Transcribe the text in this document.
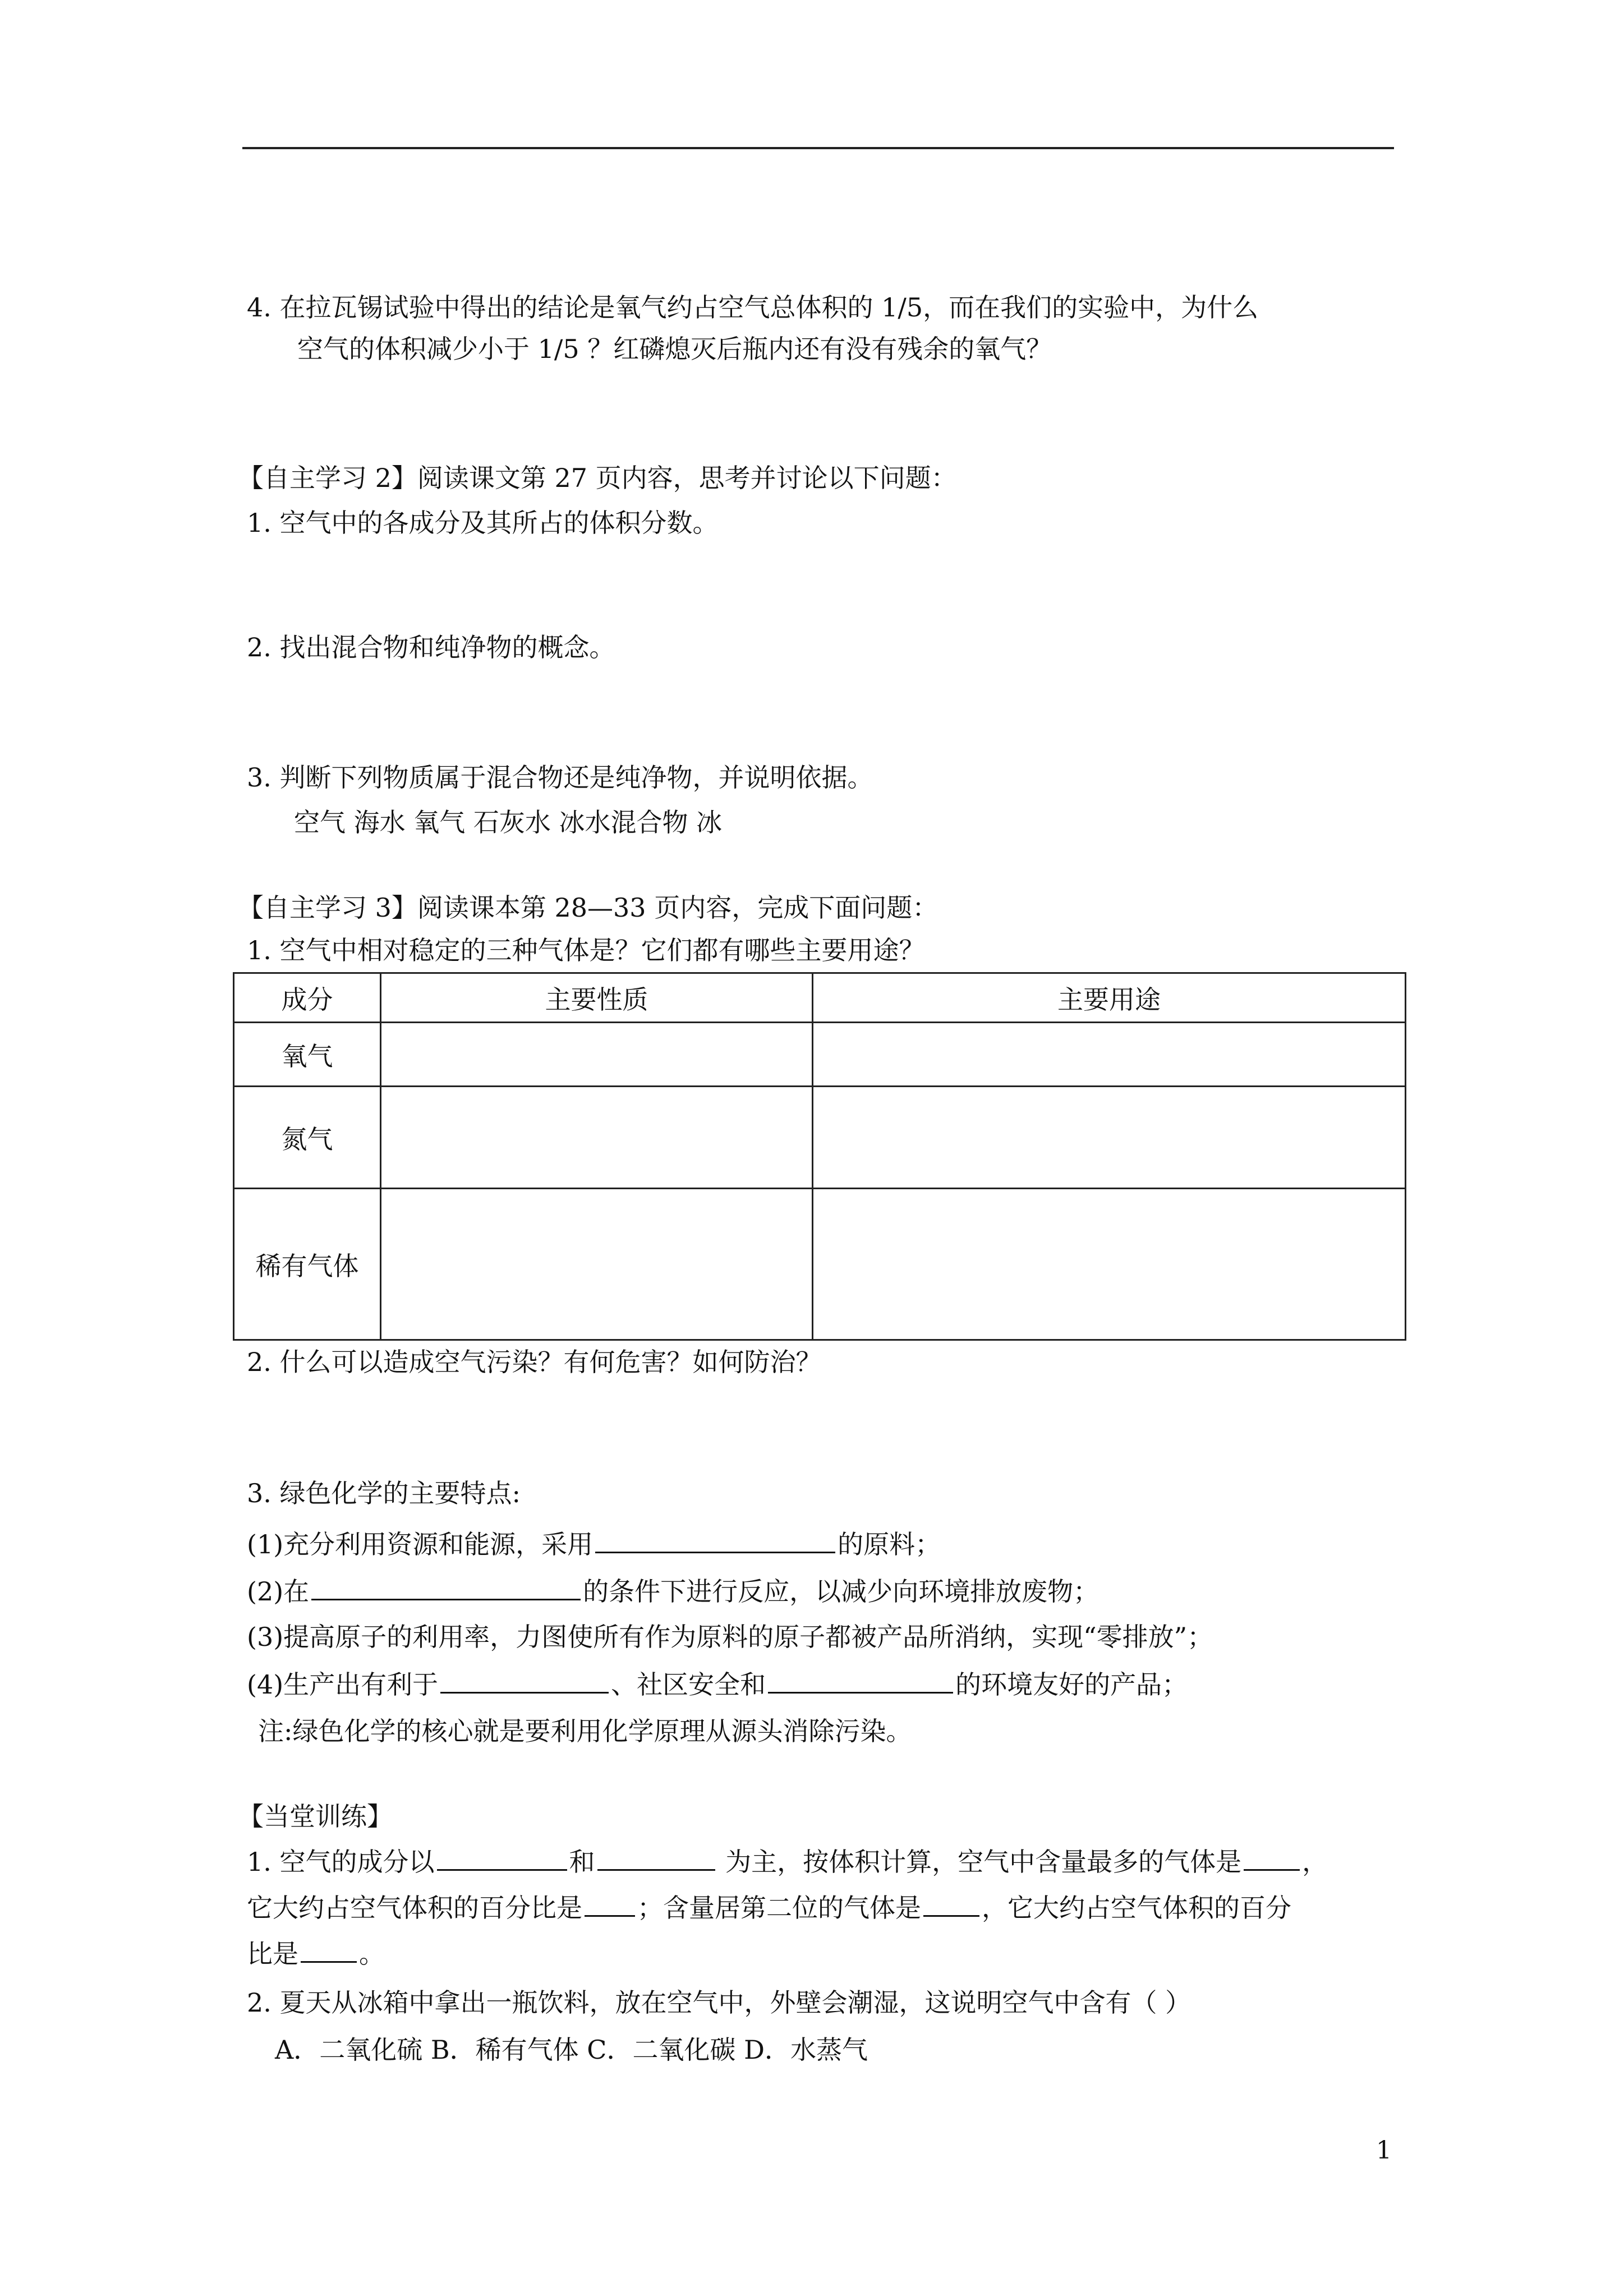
4. 在拉瓦锡试验中得出的结论是氧气约占空气总体积的 1/5，而在我们的实验中，为什么
空气的体积减少小于 1/5 ？红磷熄灭后瓶内还有没有残余的氧气？
【自主学习 2】阅读课文第 27 页内容，思考并讨论以下问题：
1. 空气中的各成分及其所占的体积分数。
2. 找出混合物和纯净物的概念。
3. 判断下列物质属于混合物还是纯净物，并说明依据。
空气 海水 氧气 石灰水 冰水混合物 冰
【自主学习 3】阅读课本第 28—33 页内容，完成下面问题：
1. 空气中相对稳定的三种气体是？它们都有哪些主要用途？
成分	主要性质	主要用途
氧气		
氮气		
稀有气体		
2. 什么可以造成空气污染？有何危害？如何防治？
3. 绿色化学的主要特点:
(1)充分利用资源和能源，采用	的原料；
(2)在	的条件下进行反应，以减少向环境排放废物；
(3)提高原子的利用率，力图使所有作为原料的原子都被产品所消纳，实现“零排放”；
(4)生产出有利于	、社区安全和	的环境友好的产品；
注:绿色化学的核心就是要利用化学原理从源头消除污染。
【当堂训练】
1. 空气的成分以	和	为主，按体积计算，空气中含量最多的气体是 ，
它大约占空气体积的百分比是 ；含量居第二位的气体是 ，它大约占空气体积的百分
比是 。
2. 夏天从冰箱中拿出一瓶饮料，放在空气中，外壁会潮湿，这说明空气中含有（ ）
A．二氧化硫 B．稀有气体 C．二氧化碳 D．水蒸气
1
